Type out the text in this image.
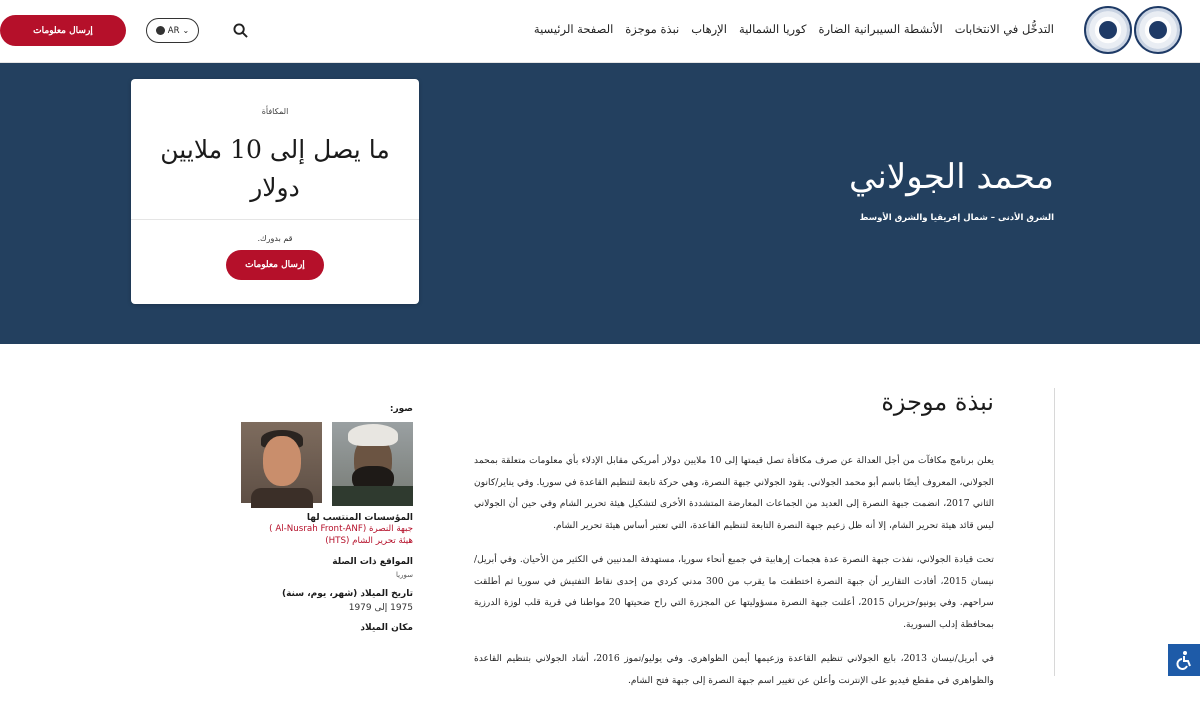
الصفحة الرئيسية نبذة موجزة الإرهاب كوريا الشمالية الأنشطة السيبرانية الضارة التدخُّل في الانتخابات
AR ⌄
إرسال معلومات
محمد الجولاني
الشرق الأدنى – شمال إفريقيا والشرق الأوسط
المكافأة
ما يصل إلى 10 ملايين دولار
قم بدورك.
إرسال معلومات
نبذة موجزة

يعلن برنامج مكافآت من أجل العدالة عن صرف مكافأة تصل قيمتها إلى 10 ملايين دولار أمريكي مقابل الإدلاء بأي معلومات متعلقة بمحمد الجولاني، المعروف أيضًا باسم أبو محمد الجولاني. يقود الجولاني جبهة النصرة، وهي حركة تابعة لتنظيم القاعدة في سوريا. وفي يناير/كانون الثاني 2017، انضمت جبهة النصرة إلى العديد من الجماعات المعارضة المتشددة الأخرى لتشكيل هيئة تحرير الشام وفي حين أن الجولاني ليس قائد هيئة تحرير الشام، إلا أنه ظل زعيم جبهة النصرة التابعة لتنظيم القاعدة، التي تعتبر أساس هيئة تحرير الشام.

تحت قيادة الجولاني، نفذت جبهة النصرة عدة هجمات إرهابية في جميع أنحاء سوريا، مستهدفة المدنيين في الكثير من الأحيان. وفي أبريل/نيسان 2015، أفادت التقارير أن جبهة النصرة اختطفت ما يقرب من 300 مدني كردي من إحدى نقاط التفتيش في سوريا ثم أطلقت سراحهم. وفي يونيو/حزيران 2015، أعلنت جبهة النصرة مسؤوليتها عن المجزرة التي راح ضحيتها 20 مواطنا في قرية قلب لوزة الدرزية بمحافظة إدلب السورية.

في أبريل/نيسان 2013، بايع الجولاني تنظيم القاعدة وزعيمها أيمن الظواهري. وفي يوليو/تموز 2016، أشاد الجولاني بتنظيم القاعدة والظواهري في مقطع فيديو على الإنترنت وأعلن عن تغيير اسم جبهة النصرة إلى جبهة فتح الشام.

صور:
المؤسسات المنتسب لها
جبهة النصرة (Al-Nusrah Front-ANF )
هيئة تحرير الشام (HTS)
المواقع ذات الصلة
سوريا
تاريخ الميلاد (شهر، يوم، سنة)
1975 إلى 1979
مكان الميلاد
